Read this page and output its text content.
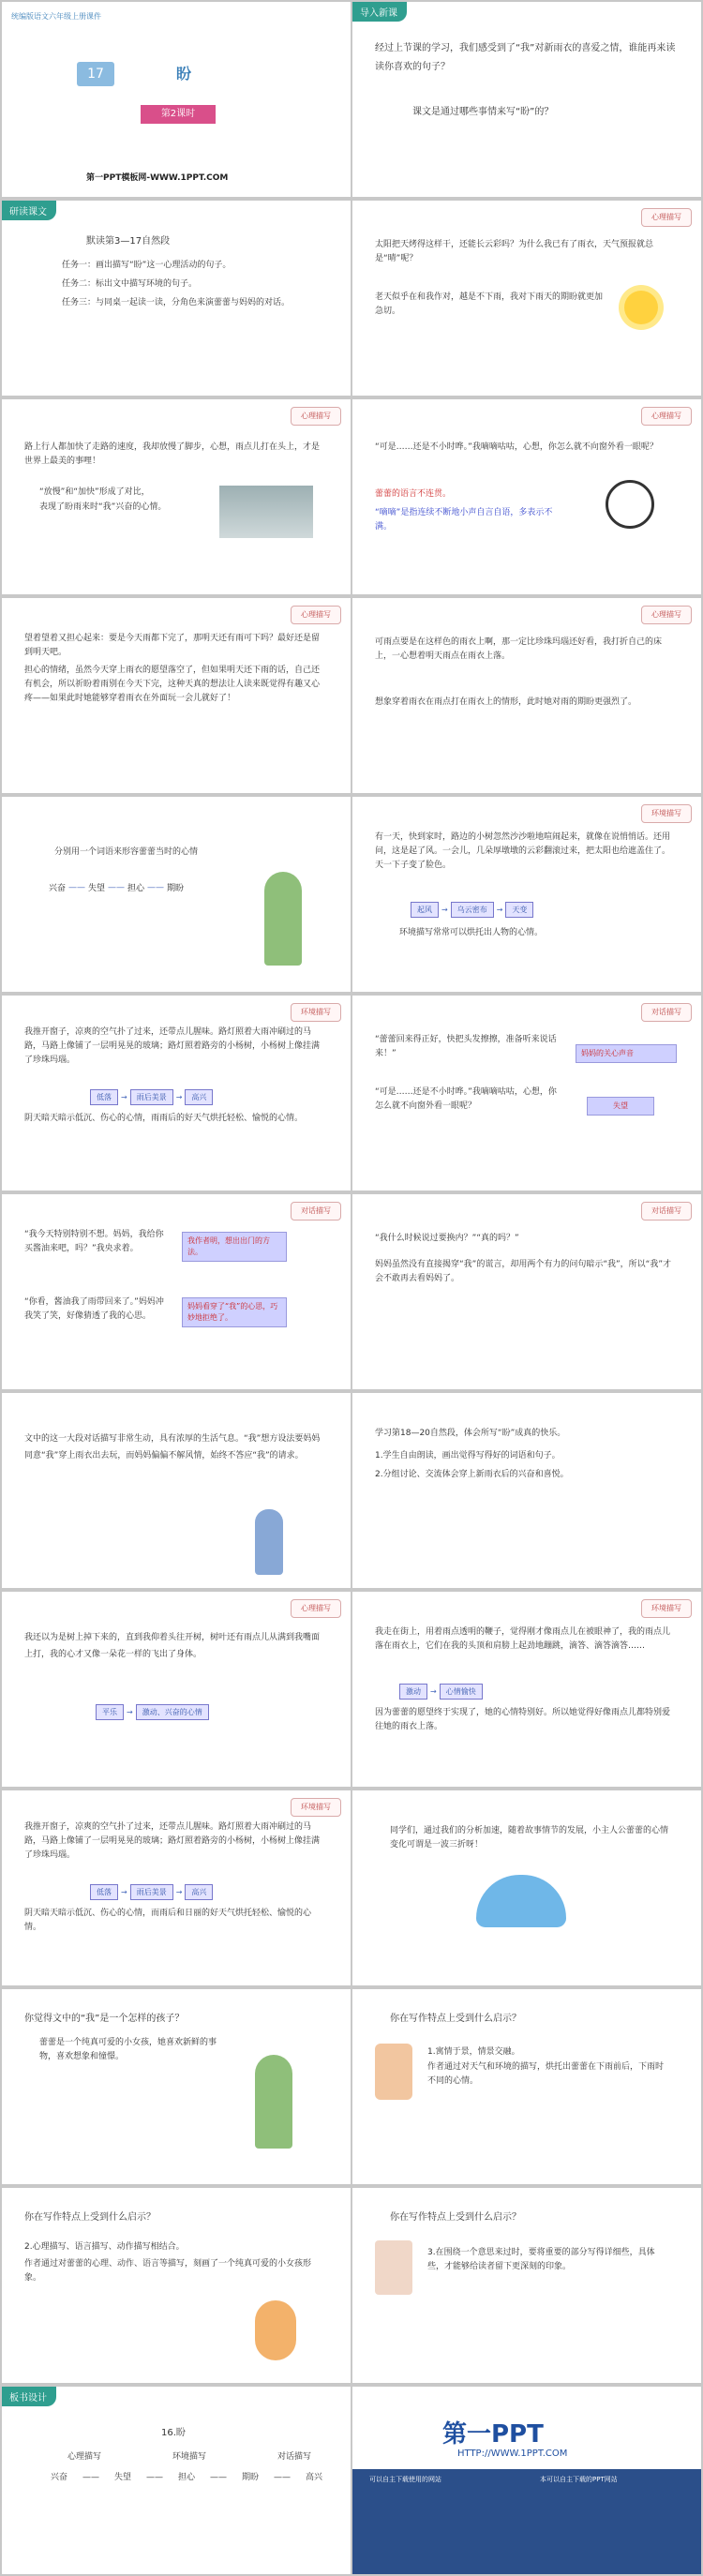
统编版语文六年级上册课件
17	盼
第2课时
第一PPT模板网-WWW.1PPT.COM
导入新课
经过上节课的学习，我们感受到了“我”对新雨衣的喜爱之情，谁能再来读读你喜欢的句子？
课文是通过哪些事情来写“盼”的？
研读课文
默读第3—17自然段
任务一：画出描写“盼”这一心理活动的句子。
任务二：标出文中描写环境的句子。
任务三：与同桌一起读一读，分角色来演蕾蕾与妈妈的对话。
心理描写
太阳把天烤得这样干，还能长云彩吗？为什么我已有了雨衣，天气预报就总是“晴”呢？
老天似乎在和我作对，越是不下雨，我对下雨天的期盼就更加急切。
心理描写
路上行人都加快了走路的速度，我却放慢了脚步，心想，雨点儿打在头上，才是世界上最美的事哩！
“放慢”和“加快”形成了对比，
表现了盼雨来时“我”兴奋的心情。
心理描写
“可是……还是不小时哗。”我嘀嘀咕咕，心想，你怎么就不向窗外看一眼呢？
蕾蕾的语言不连贯。
“嘀嘀”是指连续不断地小声自言自语，多表示不满。
心理描写
望着望着又担心起来：要是今天雨都下完了，那明天还有雨可下吗？最好还是留到明天吧。
担心的情绪，虽然今天穿上雨衣的愿望落空了，但如果明天还下雨的话，自己还有机会，所以祈盼着雨别在今天下完，这种天真的想法让人读来既觉得有趣又心疼——如果此时她能够穿着雨衣在外面玩一会儿就好了！
心理描写
可雨点要是在这样色的雨衣上啊，那一定比珍珠玛瑙还好看，我打折自己的床上，一心想着明天雨点在雨衣上落。
想象穿着雨衣在雨点打在雨衣上的情形，此时她对雨的期盼更强烈了。
分别用一个词语来形容蕾蕾当时的心情
兴奋 —— 失望 —— 担心 —— 期盼
环境描写
有一天，快到家时，路边的小树忽然沙沙啦地喧闹起来，就像在说悄悄话。还用问，这是起了风。一会儿，几朵厚墩墩的云彩翻滚过来，把太阳也给遮盖住了。天一下子变了脸色。
起风	→	乌云密布	→	天变
环境描写常常可以烘托出人物的心情。
环境描写
我推开窗子，凉爽的空气扑了过来，还带点儿腥味。路灯照着大雨冲刷过的马路，马路上像铺了一层明晃晃的玻璃；路灯照着路旁的小杨树，小杨树上像挂满了珍珠玛瑙。
低落	→	雨后美景	→	高兴
阴天暗天暗示低沉、伤心的心情，雨雨后的好天气烘托轻松、愉悦的心情。
对话描写
“蕾蕾回来得正好，快把头发擦擦，准备听来说话来！”	妈妈的关心声音
“可是……还是不小时哗。”我嘀嘀咕咕，心想，你怎么就不向窗外看一眼呢？	失望
对话描写
“我今天特别特别不想。妈妈，我给你买酱油来吧，吗？”我央求着。
我作者明，想出出门的方法。
“你看，酱油我了雨带回来了。”妈妈冲我笑了笑，好像猜透了我的心思。
妈妈看穿了“我”的心思，巧妙地拒绝了。
对话描写
“我什么时候说过要换内？”“真的吗？”
妈妈虽然没有直接揭穿“我”的谎言，却用两个有力的问句暗示“我”，所以“我”才会不敢再去看妈妈了。
文中的这一大段对话描写非常生动，具有浓厚的生活气息。“我”想方设法要妈妈同意“我”穿上雨衣出去玩，而妈妈偏偏不解风情，始终不答应“我”的请求。
学习第18—20自然段，体会所写“盼”成真的快乐。
1.学生自由朗读，画出觉得写得好的词语和句子。
2.分组讨论、交流体会穿上新雨衣后的兴奋和喜悦。
心理描写
我还以为是树上掉下来的，直到我仰着头往开树，树叶还有雨点儿从满到我嘴面上打，我的心才又像一朵花一样的飞出了身体。
平乐	→	激动、兴奋的心情
环境描写
我走在街上，用着雨点透明的鞭子，觉得刚才像雨点儿在被眼神了，我的雨点儿落在雨衣上，它们在我的头顶和肩膀上起劲地蹦跳，滴答、滴答滴答……
激动	→	心情愉快
因为蕾蕾的愿望终于实现了，她的心情特别好。所以她觉得好像雨点儿都特别爱往她的雨衣上落。
环境描写
我推开窗子，凉爽的空气扑了过来，还带点儿腥味。路灯照着大雨冲刷过的马路，马路上像铺了一层明晃晃的玻璃；路灯照着路旁的小杨树，小杨树上像挂满了珍珠玛瑙。
低落	→	雨后美景	→	高兴
阴天暗天暗示低沉、伤心的心情，而雨后和日丽的好天气烘托轻松、愉悦的心情。
同学们，通过我们的分析加速，随着故事情节的发展，小主人公蕾蕾的心情变化可谓是一波三折呀！
你觉得文中的“我”是一个怎样的孩子？
蕾蕾是一个纯真可爱的小女孩，她喜欢新鲜的事物，喜欢想象和憧憬。
你在写作特点上受到什么启示？
1.寓情于景，情景交融。
作者通过对天气和环境的描写，烘托出蕾蕾在下雨前后，下雨时不同的心情。
你在写作特点上受到什么启示？
2.心理描写、语言描写、动作描写相结合。
作者通过对蕾蕾的心理、动作、语言等描写，刻画了一个纯真可爱的小女孩形象。
你在写作特点上受到什么启示？
3.在围绕一个意思来过时，要将重要的部分写得详细些，具体些，才能够给读者留下更深刻的印象。
板书设计
16.盼
心理描写	环境描写	对话描写
兴奋 —— 失望 —— 担心 —— 期盼 —— 高兴
第一PPT
HTTP://WWW.1PPT.COM
可以自主下载使用的网站	本可以自主下载的PPT网站
